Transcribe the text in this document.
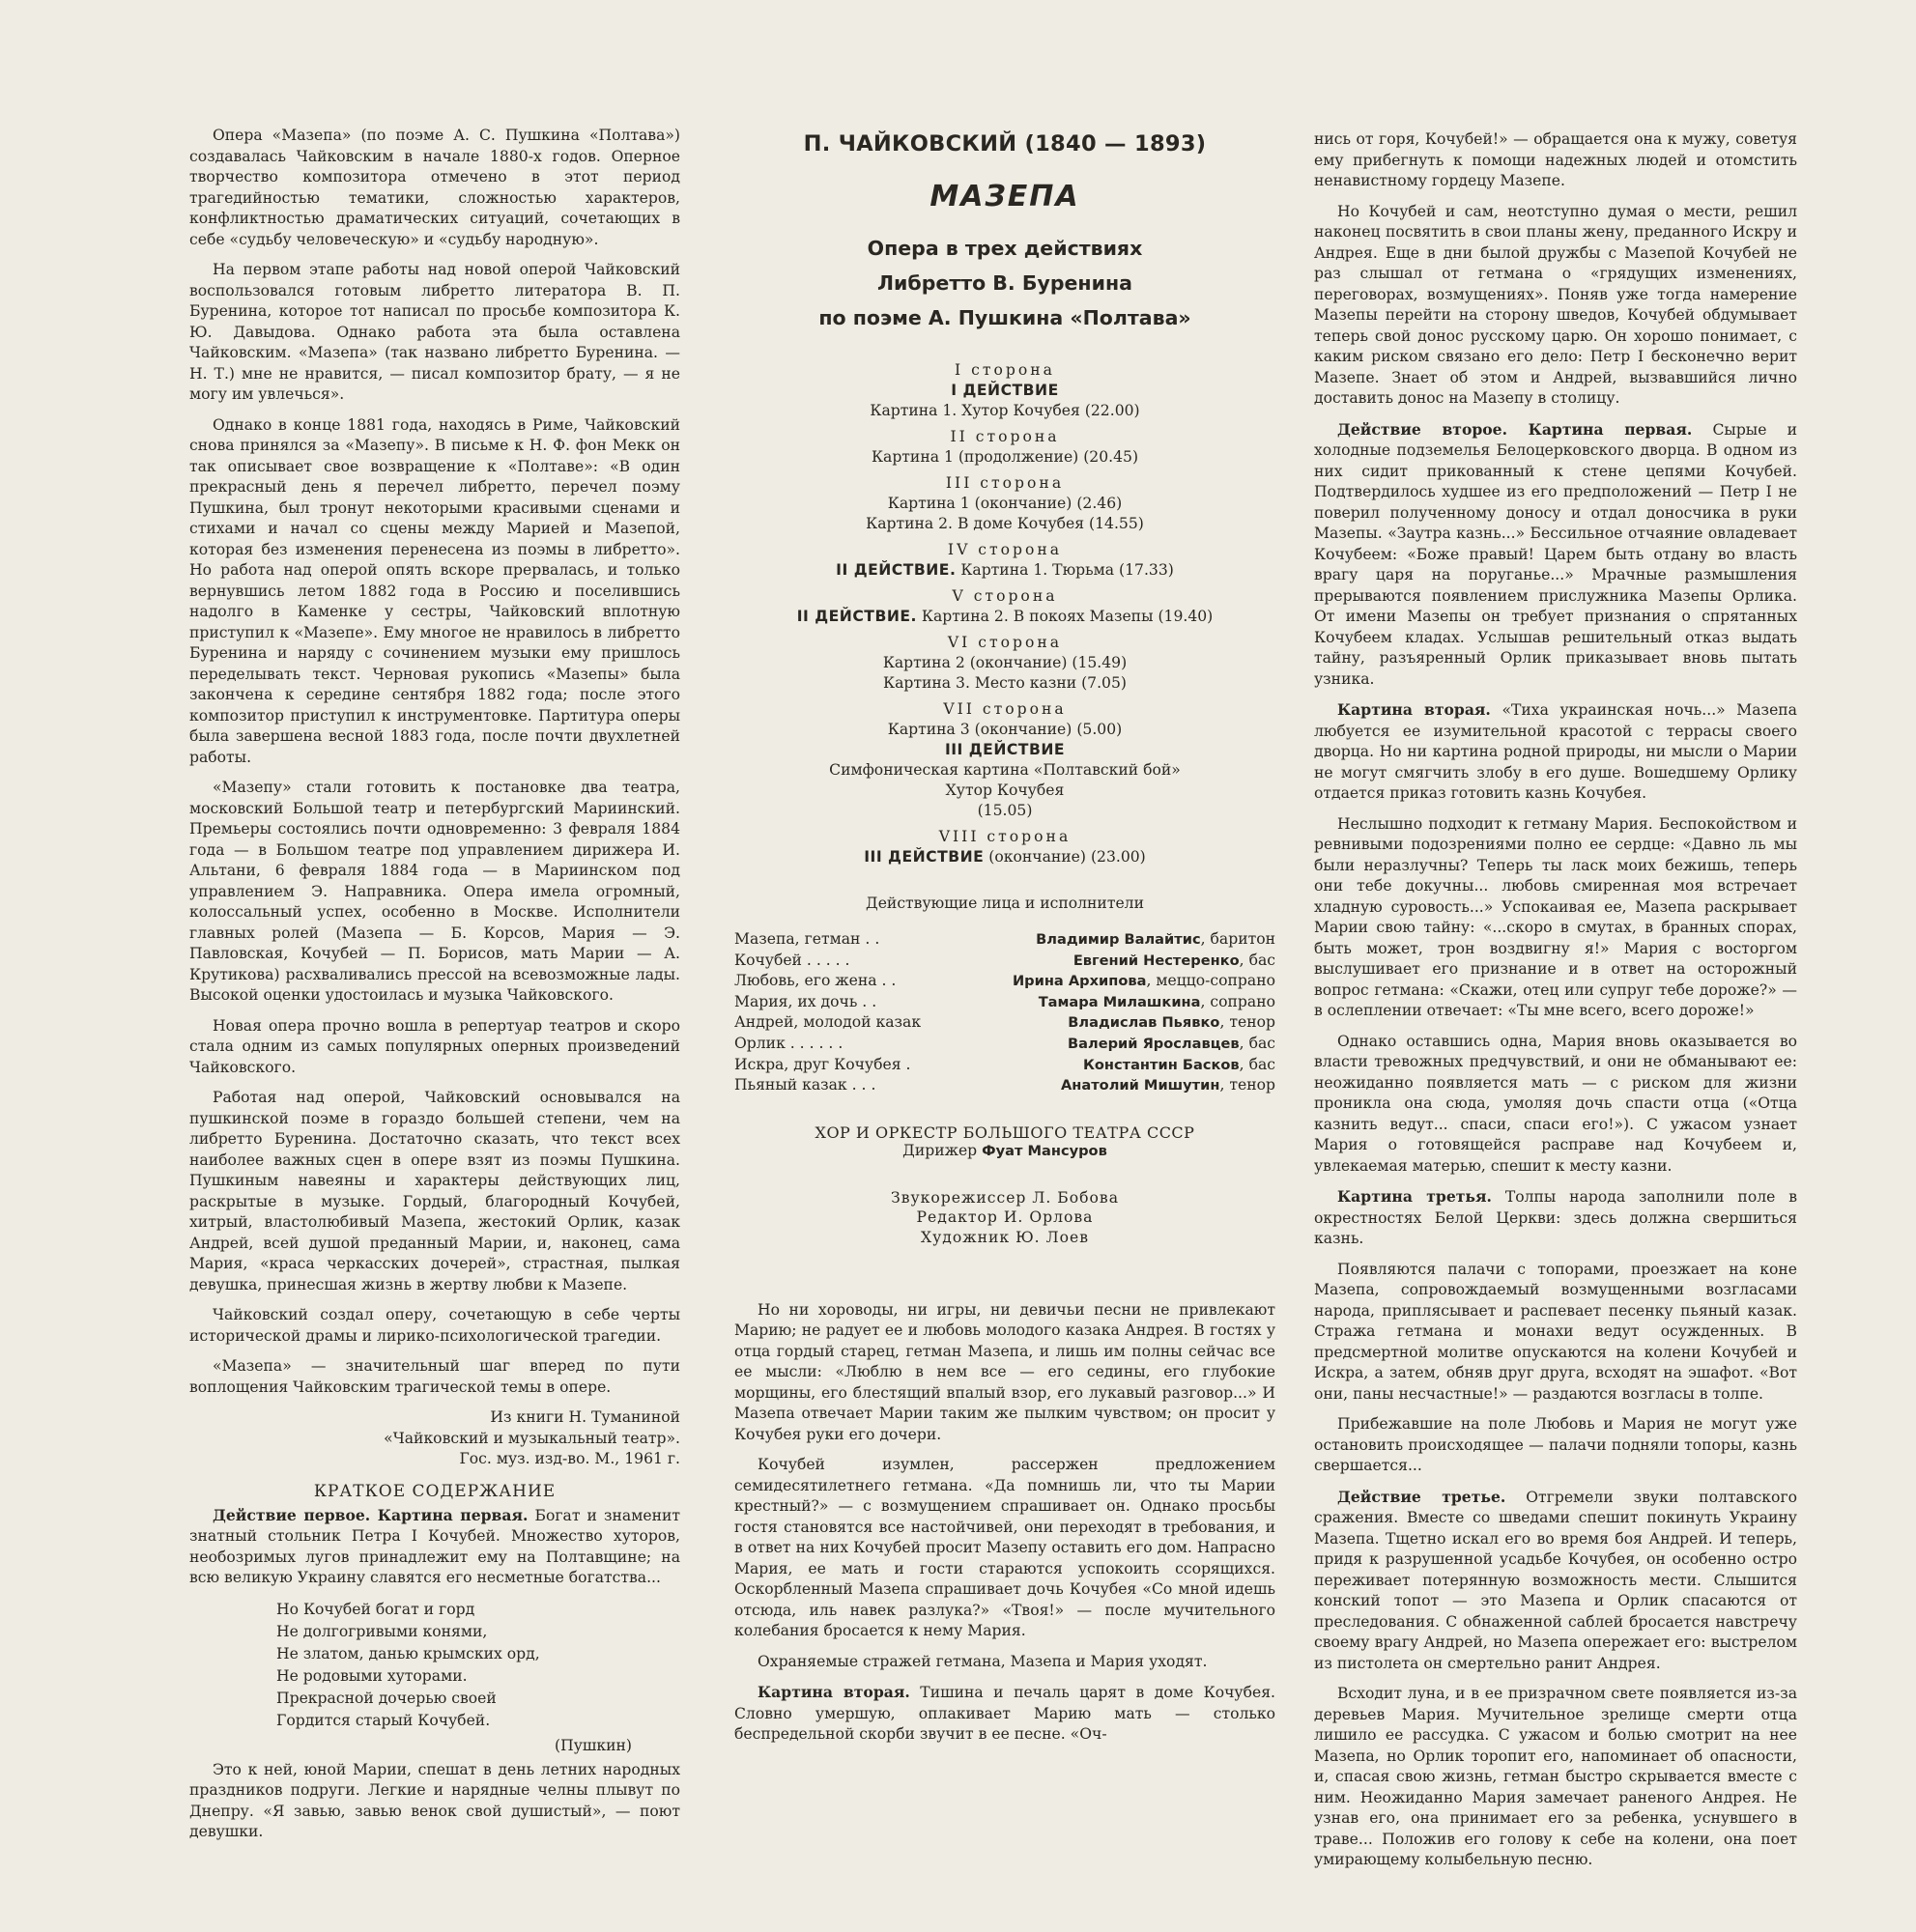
Опера «Мазепа» (по поэме А. С. Пушкина «Полтава») создавалась Чайковским в начале 1880-х годов. Оперное творчество композитора отмечено в этот период трагедийностью тематики, сложностью характеров, конфликтностью драматических ситуаций, сочетающих в себе «судьбу человеческую» и «судьбу народную».

На первом этапе работы над новой оперой Чайковский воспользовался готовым либретто литератора В. П. Буренина, которое тот написал по просьбе композитора К. Ю. Давыдова. Однако работа эта была оставлена Чайковским. «Мазепа» (так названо либретто Буренина. — Н. Т.) мне не нравится, — писал композитор брату, — я не могу им увлечься».

Однако в конце 1881 года, находясь в Риме, Чайковский снова принялся за «Мазепу». В письме к Н. Ф. фон Мекк он так описывает свое возвращение к «Полтаве»: «В один прекрасный день я перечел либретто, перечел поэму Пушкина, был тронут некоторыми красивыми сценами и стихами и начал со сцены между Марией и Мазепой, которая без изменения перенесена из поэмы в либретто». Но работа над оперой опять вскоре прервалась, и только вернувшись летом 1882 года в Россию и поселившись надолго в Каменке у сестры, Чайковский вплотную приступил к «Мазепе». Ему многое не нравилось в либретто Буренина и наряду с сочинением музыки ему пришлось переделывать текст. Черновая рукопись «Мазепы» была закончена к середине сентября 1882 года; после этого композитор приступил к инструментовке. Партитура оперы была завершена весной 1883 года, после почти двухлетней работы.

«Мазепу» стали готовить к постановке два театра, московский Большой театр и петербургский Мариинский. Премьеры состоялись почти одновременно: 3 февраля 1884 года — в Большом театре под управлением дирижера И. Альтани, 6 февраля 1884 года — в Мариинском под управлением Э. Направника. Опера имела огромный, колоссальный успех, особенно в Москве. Исполнители главных ролей (Мазепа — Б. Корсов, Мария — Э. Павловская, Кочубей — П. Борисов, мать Марии — А. Крутикова) расхваливались прессой на всевозможные лады. Высокой оценки удостоилась и музыка Чайковского.

Новая опера прочно вошла в репертуар театров и скоро стала одним из самых популярных оперных произведений Чайковского.

Работая над оперой, Чайковский основывался на пушкинской поэме в гораздо большей степени, чем на либретто Буренина. Достаточно сказать, что текст всех наиболее важных сцен в опере взят из поэмы Пушкина. Пушкиным навеяны и характеры действующих лиц, раскрытые в музыке. Гордый, благородный Кочубей, хитрый, властолюбивый Мазепа, жестокий Орлик, казак Андрей, всей душой преданный Марии, и, наконец, сама Мария, «краса черкасских дочерей», страстная, пылкая девушка, принесшая жизнь в жертву любви к Мазепе.

Чайковский создал оперу, сочетающую в себе черты исторической драмы и лирико-психологической трагедии.

«Мазепа» — значительный шаг вперед по пути воплощения Чайковским трагической темы в опере.

Из книги Н. Туманиной
«Чайковский и музыкальный театр».
Гос. муз. изд-во. М., 1961 г.
КРАТКОЕ СОДЕРЖАНИЕ

Действие первое. Картина первая. Богат и знаменит знатный стольник Петра I Кочубей. Множество хуторов, необозримых лугов принадлежит ему на Полтавщине; на всю великую Украину славятся его несметные богатства...

Но Кочубей богат и горд
Не долгогривыми конями,
Не златом, данью крымских орд,
Не родовыми хуторами.
Прекрасной дочерью своей
Гордится старый Кочубей.
(Пушкин)

Это к ней, юной Марии, спешат в день летних народных праздников подруги. Легкие и нарядные челны плывут по Днепру. «Я завью, завью венок свой душистый», — поют девушки.

П. ЧАЙКОВСКИЙ (1840 — 1893)
МАЗЕПА
Опера в трех действиях
Либретто В. Буренина
по поэме А. Пушкина «Полтава»
I сторона
I ДЕЙСТВИЕ
Картина 1. Хутор Кочубея (22.00)
II сторона
Картина 1 (продолжение) (20.45)
III сторона
Картина 1 (окончание) (2.46)
Картина 2. В доме Кочубея (14.55)
IV сторона
II ДЕЙСТВИЕ. Картина 1. Тюрьма (17.33)
V сторона
II ДЕЙСТВИЕ. Картина 2. В покоях Мазепы (19.40)
VI сторона
Картина 2 (окончание) (15.49)
Картина 3. Место казни (7.05)
VII сторона
Картина 3 (окончание) (5.00)
III ДЕЙСТВИЕ
Симфоническая картина «Полтавский бой»
Хутор Кочубея
(15.05)
VIII сторона
III ДЕЙСТВИЕ (окончание) (23.00)
Действующие лица и исполнители
Мазепа, гетман . .	Владимир Валайтис, баритон
Кочубей . . . . .	Евгений Нестеренко, бас
Любовь, его жена . .	Ирина Архипова, меццо-сопрано
Мария, их дочь . .	Тамара Милашкина, сопрано
Андрей, молодой казак	Владислав Пьявко, тенор
Орлик . . . . . .	Валерий Ярославцев, бас
Искра, друг Кочубея .	Константин Басков, бас
Пьяный казак . . .	Анатолий Мишутин, тенор
ХОР И ОРКЕСТР БОЛЬШОГО ТЕАТРА СССР
Дирижер Фуат Мансуров
Звукорежиссер Л. Бобова
Редактор И. Орлова
Художник Ю. Лоев

Но ни хороводы, ни игры, ни девичьи песни не привлекают Марию; не радует ее и любовь молодого казака Андрея. В гостях у отца гордый старец, гетман Мазепа, и лишь им полны сейчас все ее мысли: «Люблю в нем все — его седины, его глубокие морщины, его блестящий впалый взор, его лукавый разговор...» И Мазепа отвечает Марии таким же пылким чувством; он просит у Кочубея руки его дочери.

Кочубей изумлен, рассержен предложением семидесятилетнего гетмана. «Да помнишь ли, что ты Марии крестный?» — с возмущением спрашивает он. Однако просьбы гостя становятся все настойчивей, они переходят в требования, и в ответ на них Кочубей просит Мазепу оставить его дом. Напрасно Мария, ее мать и гости стараются успокоить ссорящихся. Оскорбленный Мазепа спрашивает дочь Кочубея «Со мной идешь отсюда, иль навек разлука?» «Твоя!» — после мучительного колебания бросается к нему Мария.

Охраняемые стражей гетмана, Мазепа и Мария уходят.

Картина вторая. Тишина и печаль царят в доме Кочубея. Словно умершую, оплакивает Марию мать — столько беспредельной скорби звучит в ее песне. «Оч-

нись от горя, Кочубей!» — обращается она к мужу, советуя ему прибегнуть к помощи надежных людей и отомстить ненавистному гордецу Мазепе.

Но Кочубей и сам, неотступно думая о мести, решил наконец посвятить в свои планы жену, преданного Искру и Андрея. Еще в дни былой дружбы с Мазепой Кочубей не раз слышал от гетмана о «грядущих изменениях, переговорах, возмущениях». Поняв уже тогда намерение Мазепы перейти на сторону шведов, Кочубей обдумывает теперь свой донос русскому царю. Он хорошо понимает, с каким риском связано его дело: Петр I бесконечно верит Мазепе. Знает об этом и Андрей, вызвавшийся лично доставить донос на Мазепу в столицу.

Действие второе. Картина первая. Сырые и холодные подземелья Белоцерковского дворца. В одном из них сидит прикованный к стене цепями Кочубей. Подтвердилось худшее из его предположений — Петр I не поверил полученному доносу и отдал доносчика в руки Мазепы. «Заутра казнь...» Бессильное отчаяние овладевает Кочубеем: «Боже правый! Царем быть отдану во власть врагу царя на поруганье...» Мрачные размышления прерываются появлением прислужника Мазепы Орлика. От имени Мазепы он требует признания о спрятанных Кочубеем кладах. Услышав решительный отказ выдать тайну, разъяренный Орлик приказывает вновь пытать узника.

Картина вторая. «Тиха украинская ночь...» Мазепа любуется ее изумительной красотой с террасы своего дворца. Но ни картина родной природы, ни мысли о Марии не могут смягчить злобу в его душе. Вошедшему Орлику отдается приказ готовить казнь Кочубея.

Неслышно подходит к гетману Мария. Беспокойством и ревнивыми подозрениями полно ее сердце: «Давно ль мы были неразлучны? Теперь ты ласк моих бежишь, теперь они тебе докучны... любовь смиренная моя встречает хладную суровость...» Успокаивая ее, Мазепа раскрывает Марии свою тайну: «...скоро в смутах, в бранных спорах, быть может, трон воздвигну я!» Мария с восторгом выслушивает его признание и в ответ на осторожный вопрос гетмана: «Скажи, отец или супруг тебе дороже?» — в ослеплении отвечает: «Ты мне всего, всего дороже!»

Однако оставшись одна, Мария вновь оказывается во власти тревожных предчувствий, и они не обманывают ее: неожиданно появляется мать — с риском для жизни проникла она сюда, умоляя дочь спасти отца («Отца казнить ведут... спаси, спаси его!»). С ужасом узнает Мария о готовящейся расправе над Кочубеем и, увлекаемая матерью, спешит к месту казни.

Картина третья. Толпы народа заполнили поле в окрестностях Белой Церкви: здесь должна свершиться казнь.

Появляются палачи с топорами, проезжает на коне Мазепа, сопровождаемый возмущенными возгласами народа, приплясывает и распевает песенку пьяный казак. Стража гетмана и монахи ведут осужденных. В предсмертной молитве опускаются на колени Кочубей и Искра, а затем, обняв друг друга, всходят на эшафот. «Вот они, паны несчастные!» — раздаются возгласы в толпе.

Прибежавшие на поле Любовь и Мария не могут уже остановить происходящее — палачи подняли топоры, казнь свершается...

Действие третье. Отгремели звуки полтавского сражения. Вместе со шведами спешит покинуть Украину Мазепа. Тщетно искал его во время боя Андрей. И теперь, придя к разрушенной усадьбе Кочубея, он особенно остро переживает потерянную возможность мести. Слышится конский топот — это Мазепа и Орлик спасаются от преследования. С обнаженной саблей бросается навстречу своему врагу Андрей, но Мазепа опережает его: выстрелом из пистолета он смертельно ранит Андрея.

Всходит луна, и в ее призрачном свете появляется из-за деревьев Мария. Мучительное зрелище смерти отца лишило ее рассудка. С ужасом и болью смотрит на нее Мазепа, но Орлик торопит его, напоминает об опасности, и, спасая свою жизнь, гетман быстро скрывается вместе с ним. Неожиданно Мария замечает раненого Андрея. Не узнав его, она принимает его за ребенка, уснувшего в траве... Положив его голову к себе на колени, она поет умирающему колыбельную песню.
